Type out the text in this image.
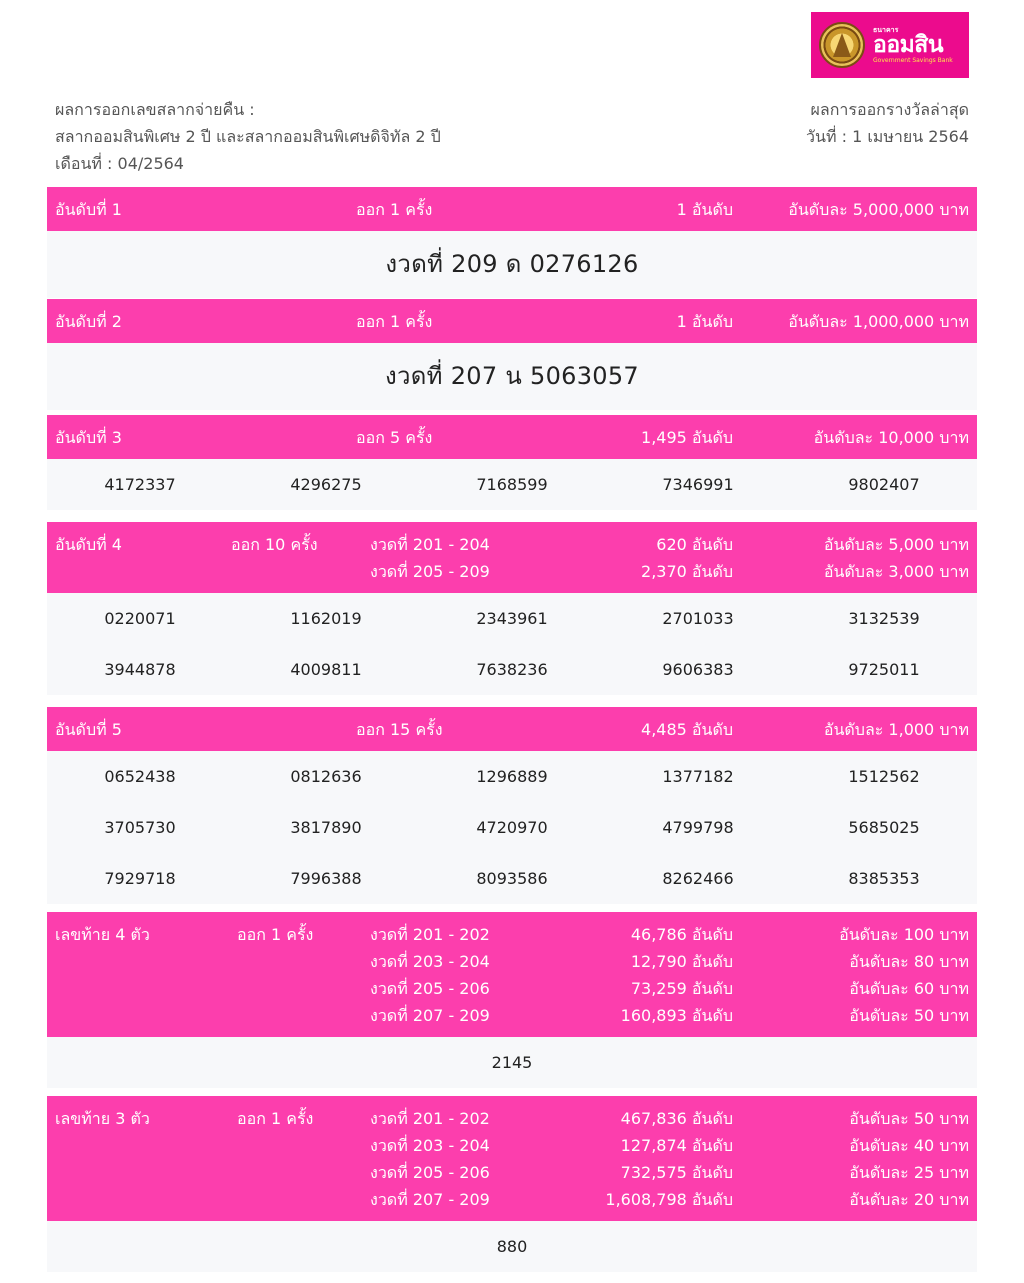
ธนาคาร
ออมสิน
Government Savings Bank
ผลการออกเลขสลากจ่ายคืน :
สลากออมสินพิเศษ 2 ปี และสลากออมสินพิเศษดิจิทัล 2 ปี
เดือนที่ : 04/2564
ผลการออกรางวัลล่าสุด
วันที่ : 1 เมษายน 2564
อันดับที่ 1	ออก 1 ครั้ง	1 อันดับ	อันดับละ 5,000,000 บาท
งวดที่ 209 ด 0276126
อันดับที่ 2	ออก 1 ครั้ง	1 อันดับ	อันดับละ 1,000,000 บาท
งวดที่ 207 น 5063057
อันดับที่ 3	ออก 5 ครั้ง	1,495 อันดับ	อันดับละ 10,000 บาท
4172337	4296275	7168599	7346991	9802407
อันดับที่ 4	ออก 10 ครั้ง	งวดที่ 201 - 204	620 อันดับ	อันดับละ 5,000 บาท
งวดที่ 205 - 209	2,370 อันดับ	อันดับละ 3,000 บาท
0220071	1162019	2343961	2701033	3132539
3944878	4009811	7638236	9606383	9725011
อันดับที่ 5	ออก 15 ครั้ง	4,485 อันดับ	อันดับละ 1,000 บาท
0652438	0812636	1296889	1377182	1512562
3705730	3817890	4720970	4799798	5685025
7929718	7996388	8093586	8262466	8385353
เลขท้าย 4 ตัว	ออก 1 ครั้ง	งวดที่ 201 - 202	46,786 อันดับ	อันดับละ 100 บาท
งวดที่ 203 - 204	12,790 อันดับ	อันดับละ 80 บาท
งวดที่ 205 - 206	73,259 อันดับ	อันดับละ 60 บาท
งวดที่ 207 - 209	160,893 อันดับ	อันดับละ 50 บาท
2145
เลขท้าย 3 ตัว	ออก 1 ครั้ง	งวดที่ 201 - 202	467,836 อันดับ	อันดับละ 50 บาท
งวดที่ 203 - 204	127,874 อันดับ	อันดับละ 40 บาท
งวดที่ 205 - 206	732,575 อันดับ	อันดับละ 25 บาท
งวดที่ 207 - 209	1,608,798 อันดับ	อันดับละ 20 บาท
880
